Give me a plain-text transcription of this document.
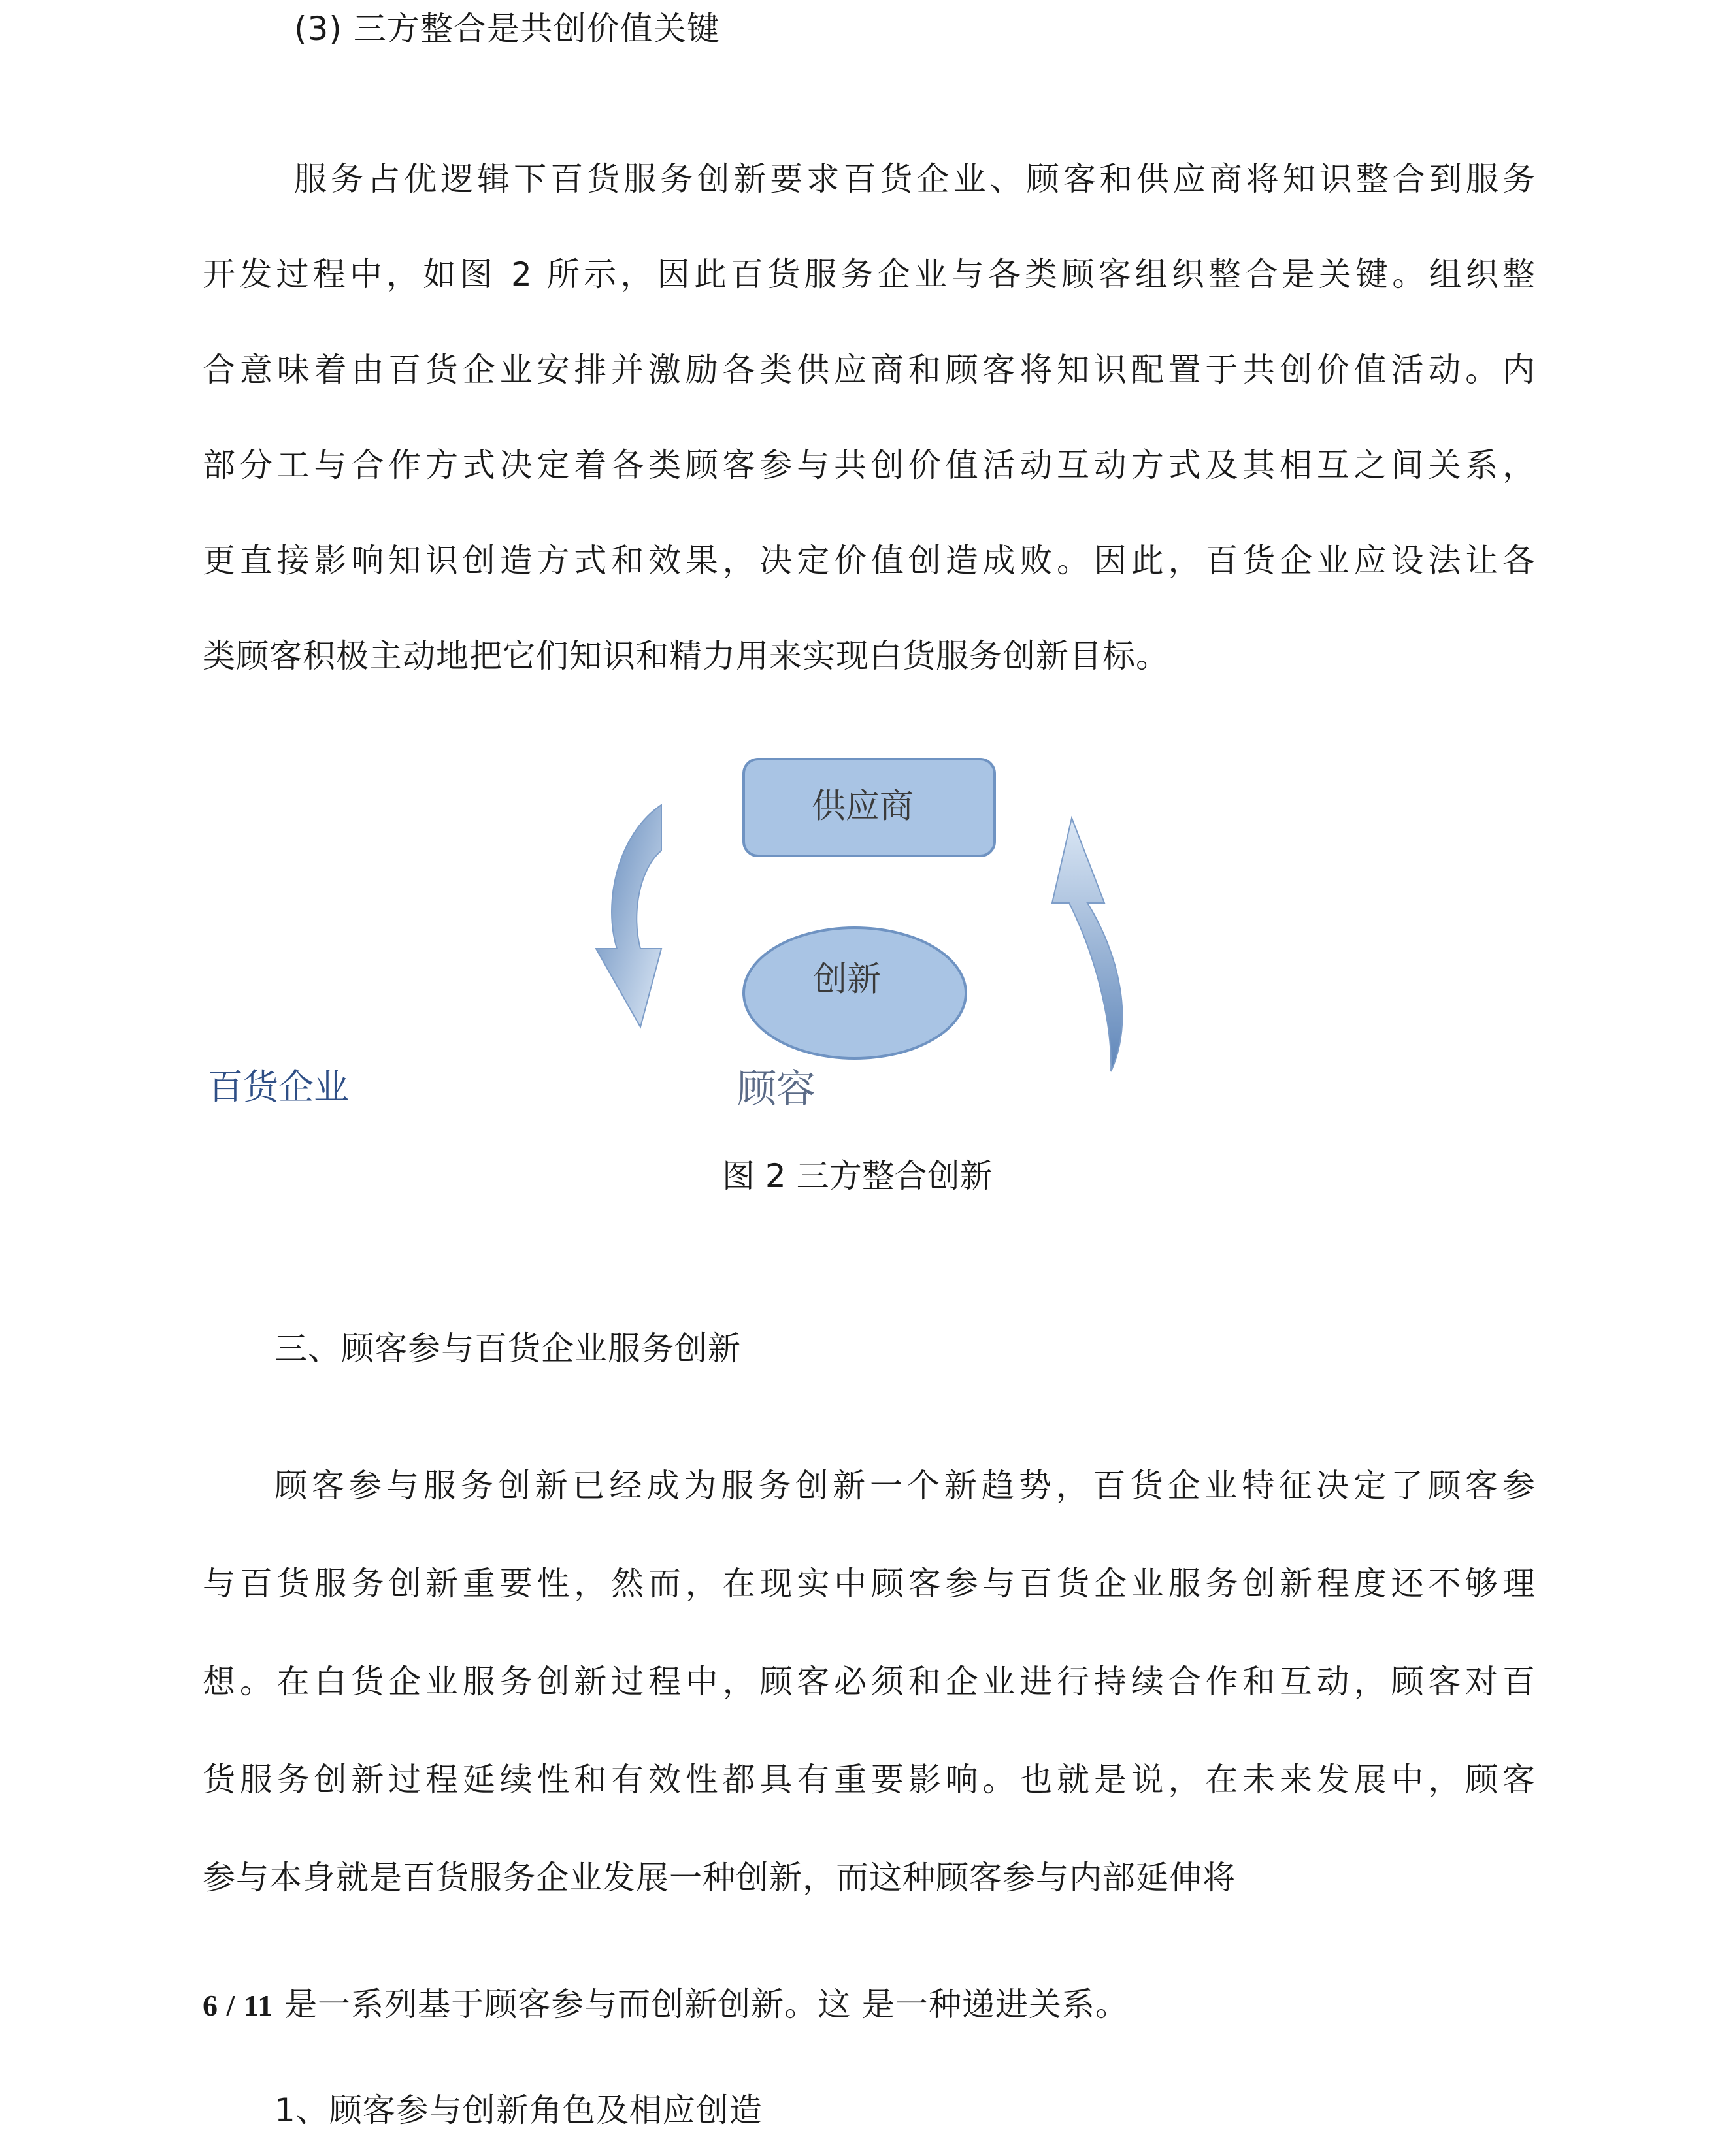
(3) 三方整合是共创价值关键
服务占优逻辑下百货服务创新要求百货企业、顾客和供应商将知识整合到服务
开发过程中，如图 2 所示，因此百货服务企业与各类顾客组织整合是关键。组织整
合意味着由百货企业安排并激励各类供应商和顾客将知识配置于共创价值活动。内
部分工与合作方式决定着各类顾客参与共创价值活动互动方式及其相互之间关系，
更直接影响知识创造方式和效果，决定价值创造成败。因此，百货企业应设法让各
类顾客积极主动地把它们知识和精力用来实现白货服务创新目标。
供应商
创新
百货企业	顾容
图 2 三方整合创新
三、顾客参与百货企业服务创新
顾客参与服务创新已经成为服务创新一个新趋势，百货企业特征决定了顾客参
与百货服务创新重要性，然而，在现实中顾客参与百货企业服务创新程度还不够理
想。在白货企业服务创新过程中，顾客必须和企业进行持续合作和互动，顾客对百
货服务创新过程延续性和有效性都具有重要影响。也就是说，在未来发展中，顾客
参与本身就是百货服务企业发展一种创新，而这种顾客参与内部延伸将
6 / 11 是一系列基于顾客参与而创新创新。这 是一种递进关系。
1、顾客参与创新角色及相应创造
